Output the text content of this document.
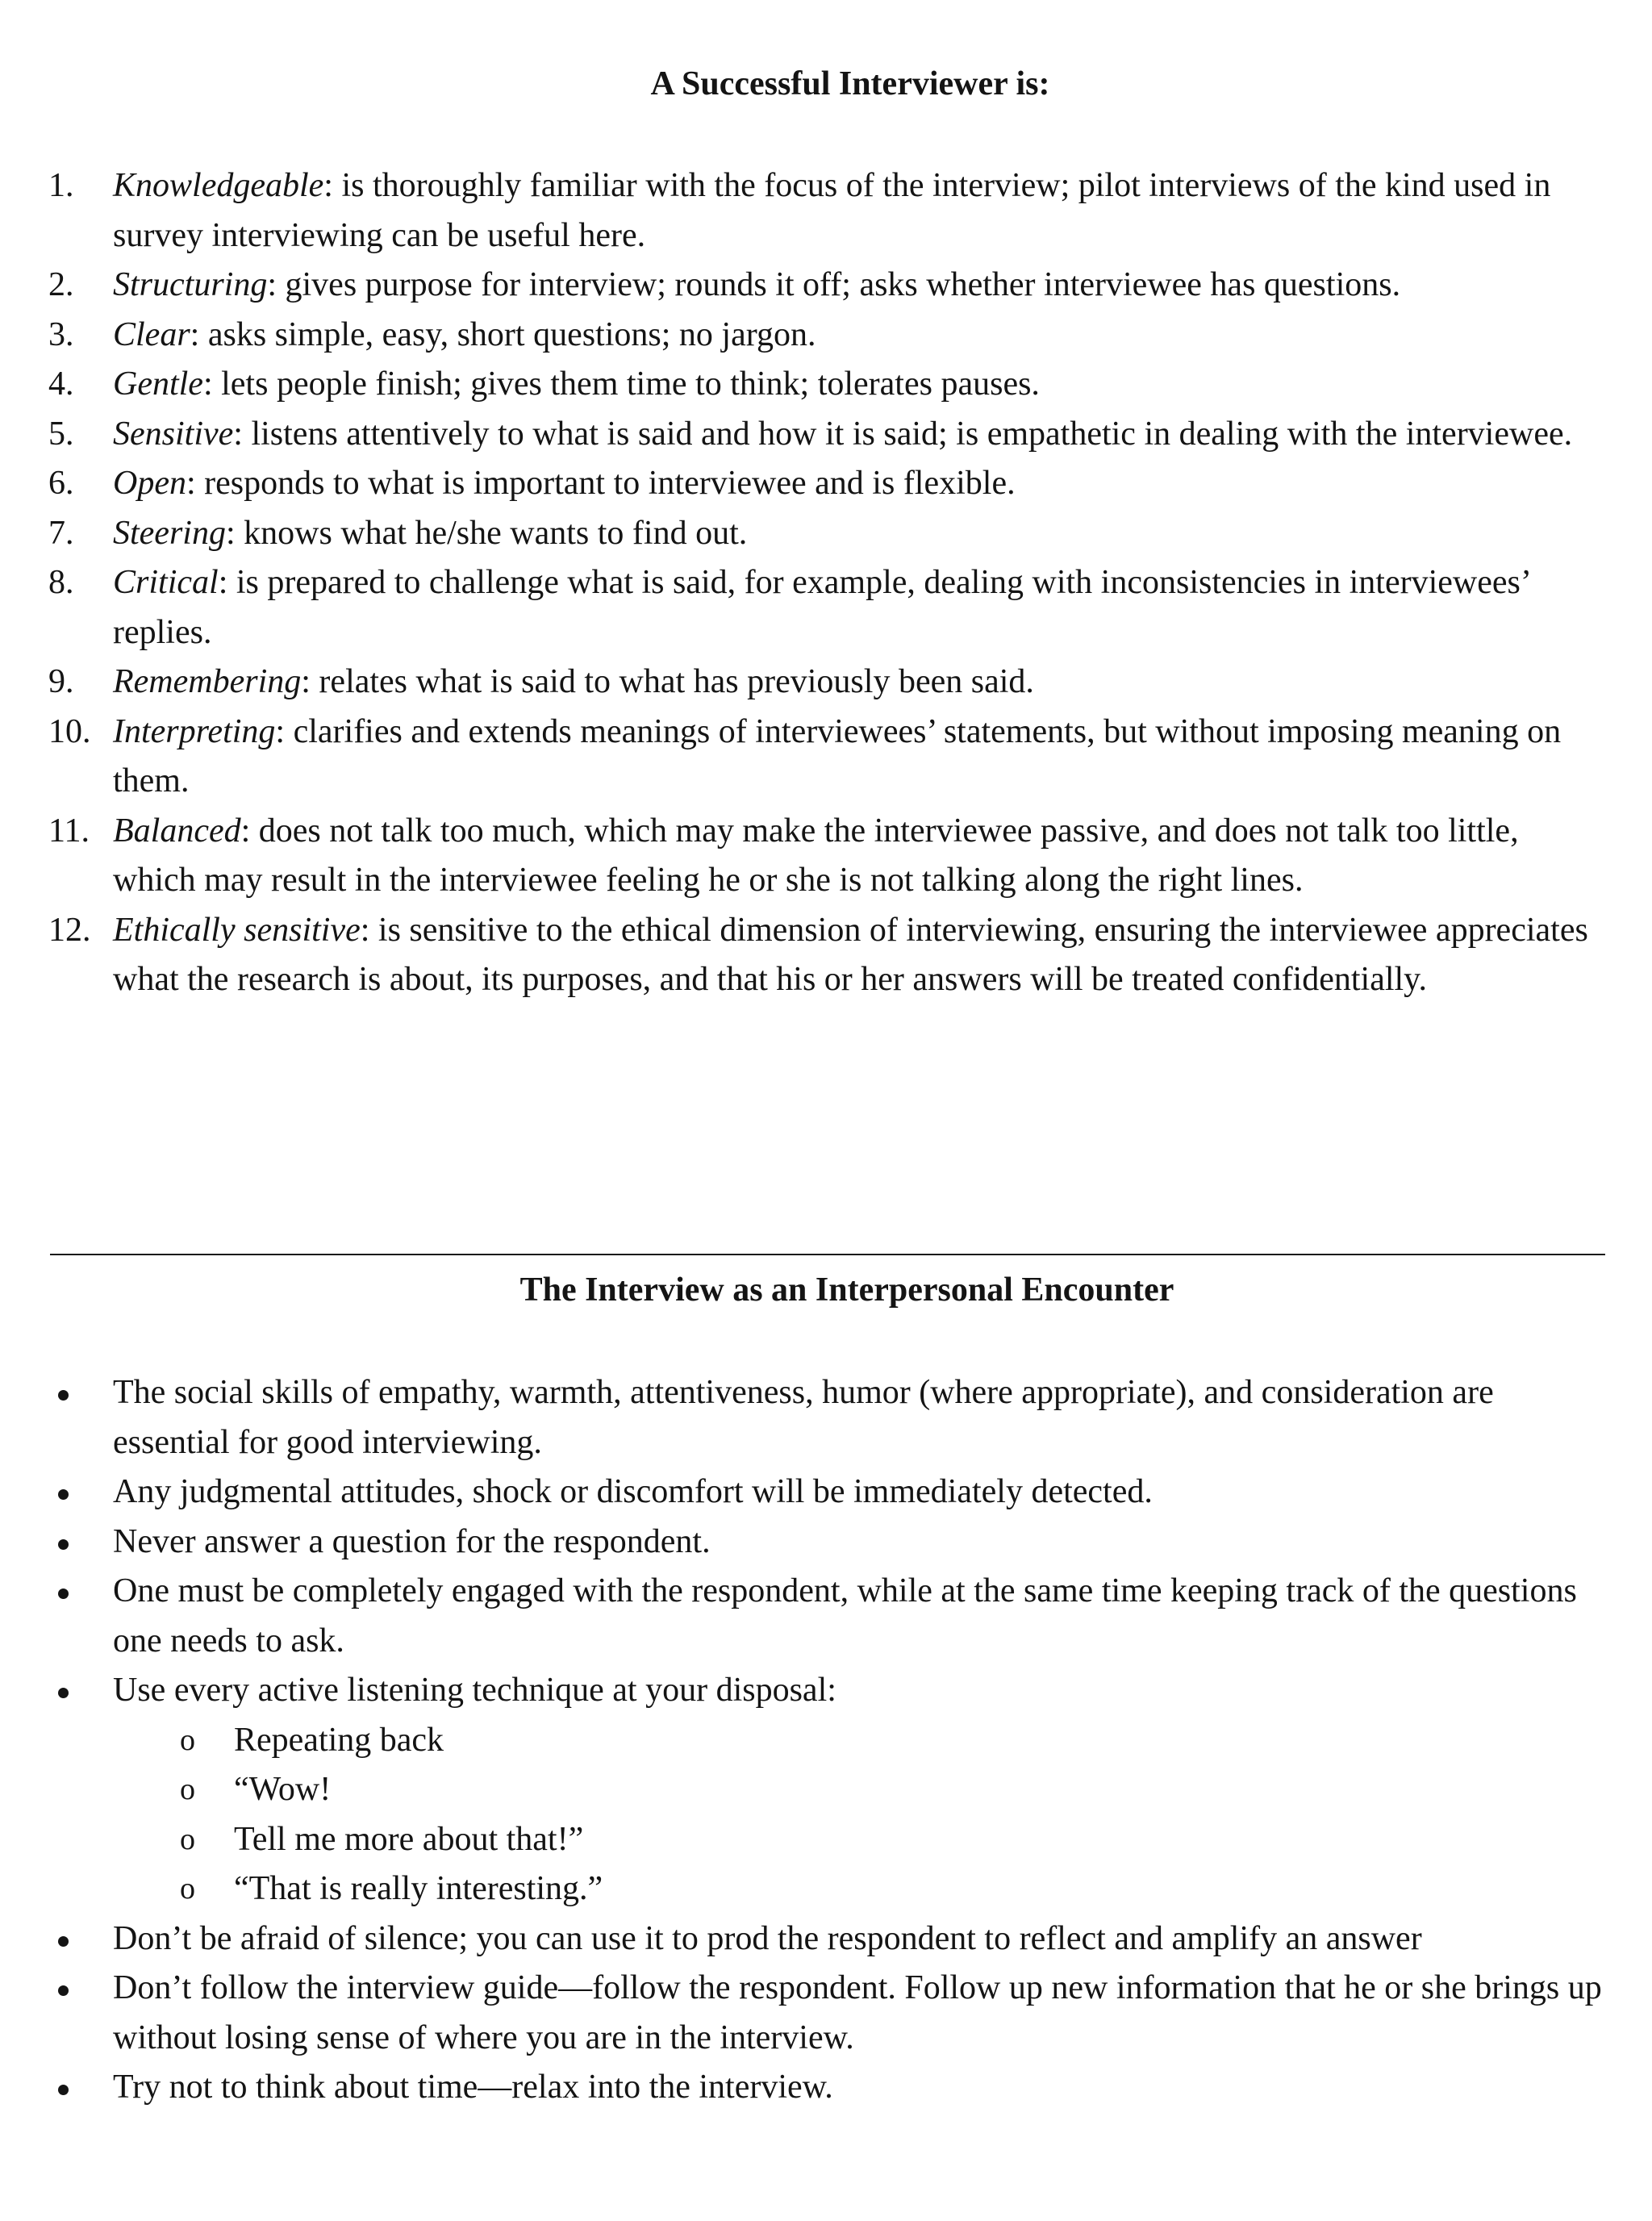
A Successful Interviewer is:
1.	Knowledgeable: is thoroughly familiar with the focus of the interview; pilot interviews of the kind used in survey interviewing can be useful here.
2.	Structuring: gives purpose for interview; rounds it off; asks whether interviewee has questions.
3.	Clear: asks simple, easy, short questions; no jargon.
4.	Gentle: lets people finish; gives them time to think; tolerates pauses.
5.	Sensitive: listens attentively to what is said and how it is said; is empathetic in dealing with the interviewee.
6.	Open: responds to what is important to interviewee and is flexible.
7.	Steering: knows what he/she wants to find out.
8.	Critical: is prepared to challenge what is said, for example, dealing with inconsistencies in interviewees’ replies.
9.	Remembering: relates what is said to what has previously been said.
10. Interpreting: clarifies and extends meanings of interviewees’ statements, but without imposing meaning on them.
11. Balanced: does not talk too much, which may make the interviewee passive, and does not talk too little, which may result in the interviewee feeling he or she is not talking along the right lines.
12. Ethically sensitive: is sensitive to the ethical dimension of interviewing, ensuring the interviewee appreciates what the research is about, its purposes, and that his or her answers will be treated confidentially.
The Interview as an Interpersonal Encounter
The social skills of empathy, warmth, attentiveness, humor (where appropriate), and consideration are essential for good interviewing.
Any judgmental attitudes, shock or discomfort will be immediately detected.
Never answer a question for the respondent.
One must be completely engaged with the respondent, while at the same time keeping track of the questions one needs to ask.
Use every active listening technique at your disposal:
o Repeating back
o “Wow!
o Tell me more about that!”
o “That is really interesting.”
Don’t be afraid of silence; you can use it to prod the respondent to reflect and amplify an answer
Don’t follow the interview guide—follow the respondent. Follow up new information that he or she brings up without losing sense of where you are in the interview.
Try not to think about time—relax into the interview.
